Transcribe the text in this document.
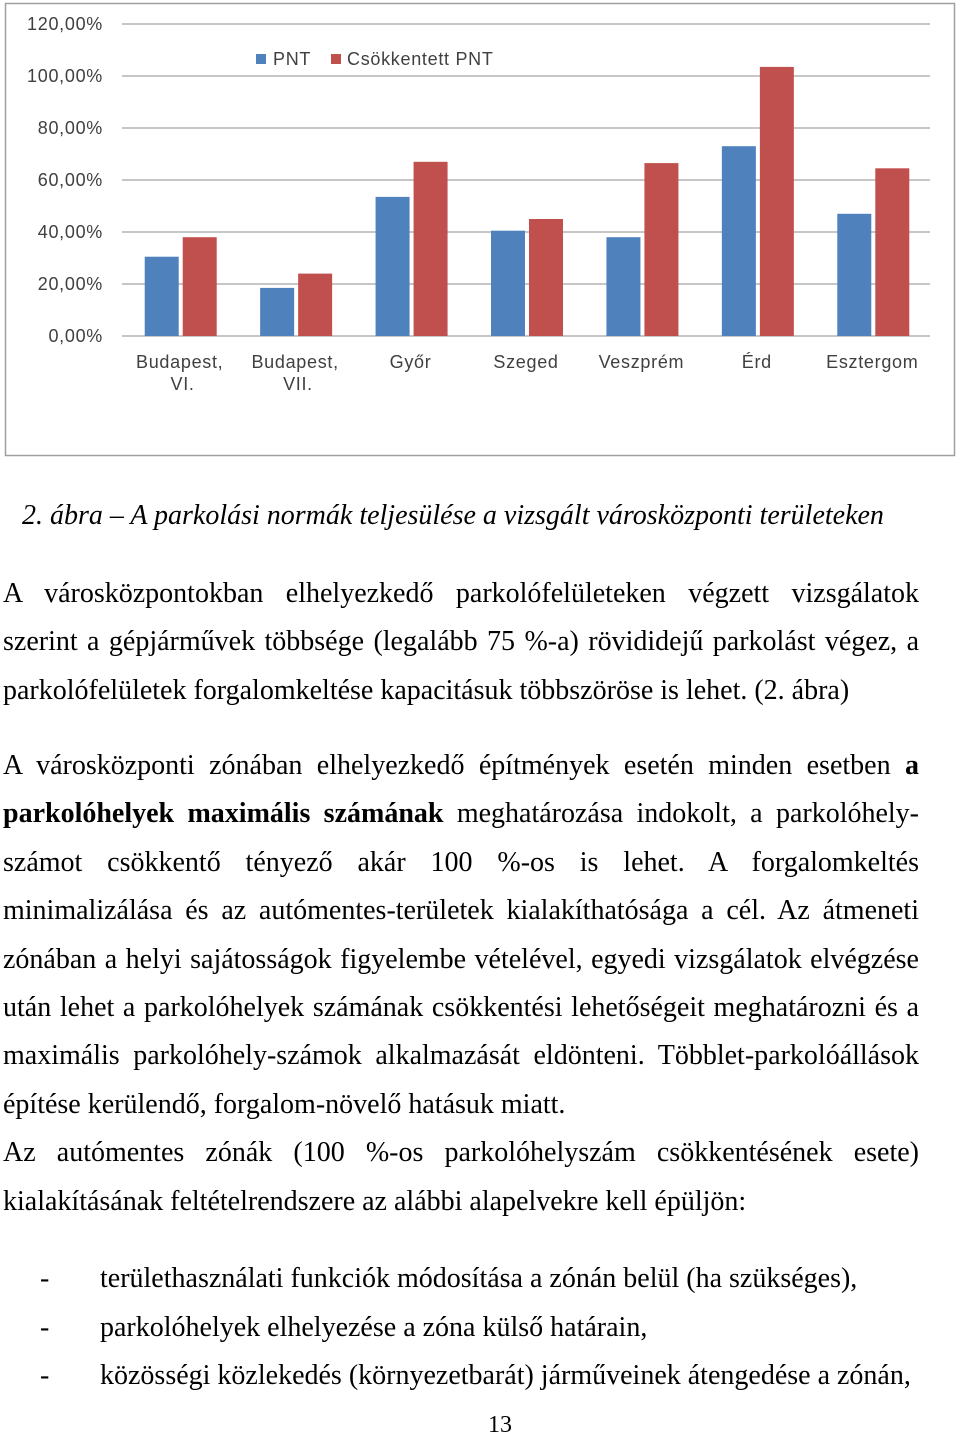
0,00%
20,00%
40,00%
60,00%
80,00%
100,00%
120,00%
Budapest, VI.
Budapest, VII.
Győr	Szeged Veszprém	Érd	Esztergom
PNT Csökkentett PNT
2. ábra – A parkolási normák teljesülése a vizsgált városközponti területeken
A városközpontokban elhelyezkedő parkolófelületeken végzett vizsgálatok
szerint a gépjárművek többsége (legalább 75 %-a) rövididejű parkolást végez, a
parkolófelületek forgalomkeltése kapacitásuk többszöröse is lehet. (2. ábra)
A városközponti zónában elhelyezkedő építmények esetén minden esetben a
parkolóhelyek maximális számának meghatározása indokolt, a parkolóhely-
számot csökkentő tényező akár 100 %-os is lehet. A forgalomkeltés
minimalizálása és az autómentes-területek kialakíthatósága a cél. Az átmeneti
zónában a helyi sajátosságok figyelembe vételével, egyedi vizsgálatok elvégzése
után lehet a parkolóhelyek számának csökkentési lehetőségeit meghatározni és a
maximális parkolóhely-számok alkalmazását eldönteni. Többlet-parkolóállások
építése kerülendő, forgalom-növelő hatásuk miatt.
Az autómentes zónák (100 %-os parkolóhelyszám csökkentésének esete)
kialakításának feltételrendszere az alábbi alapelvekre kell épüljön:
- területhasználati funkciók módosítása a zónán belül (ha szükséges),
- parkolóhelyek elhelyezése a zóna külső határain,
- közösségi közlekedés (környezetbarát) járműveinek átengedése a zónán,
13
